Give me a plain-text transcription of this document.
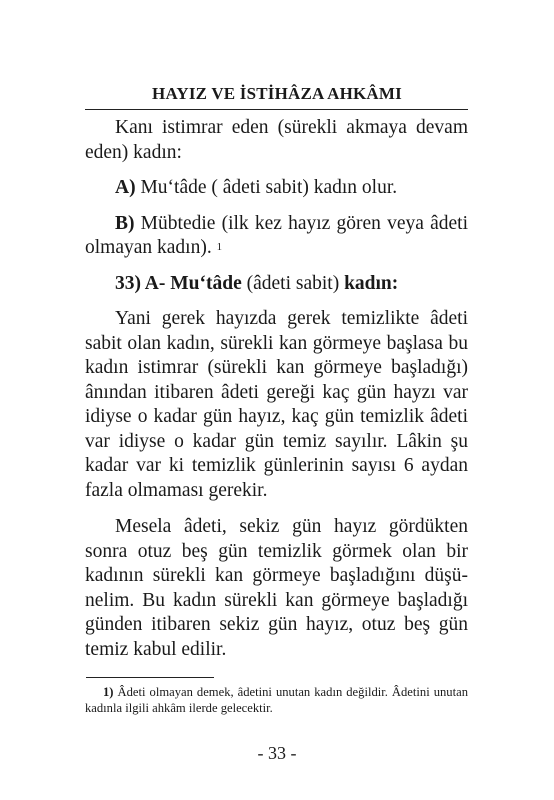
HAYIZ VE İSTİHÂZA AHKÂMI

Kanı istimrar eden (sürekli akmaya devam eden) kadın:

A) Mu‘tâde ( âdeti sabit) kadın olur.

B) Mübtedie (ilk kez hayız gören veya âdeti olmayan kadın). $^1$

33) A- Mu‘tâde (âdeti sabit) kadın:

Yani gerek hayızda gerek temizlikte âdeti sabit olan kadın, sürekli kan görmeye başlasa bu kadın istimrar (sürekli kan görmeye başladığı) ânından itibaren âdeti gereği kaç gün hayzı var idiyse o kadar gün hayız, kaç gün temizlik âdeti var idiyse o kadar gün temiz sayılır. Lâkin şu kadar var ki temizlik günlerinin sayısı 6 aydan fazla olmaması gerekir.

Mesela âdeti, sekiz gün hayız gördükten sonra otuz beş gün temizlik görmek olan bir kadının sürekli kan görmeye başladığını düşünelim. Bu kadın sürekli kan görmeye başladığı günden itibaren sekiz gün hayız, otuz beş gün temiz kabul edilir.

1) Âdeti olmayan demek, âdetini unutan kadın değildir. Âdetini unutan kadınla ilgili ahkâm ilerde gelecektir.

- 33 -
